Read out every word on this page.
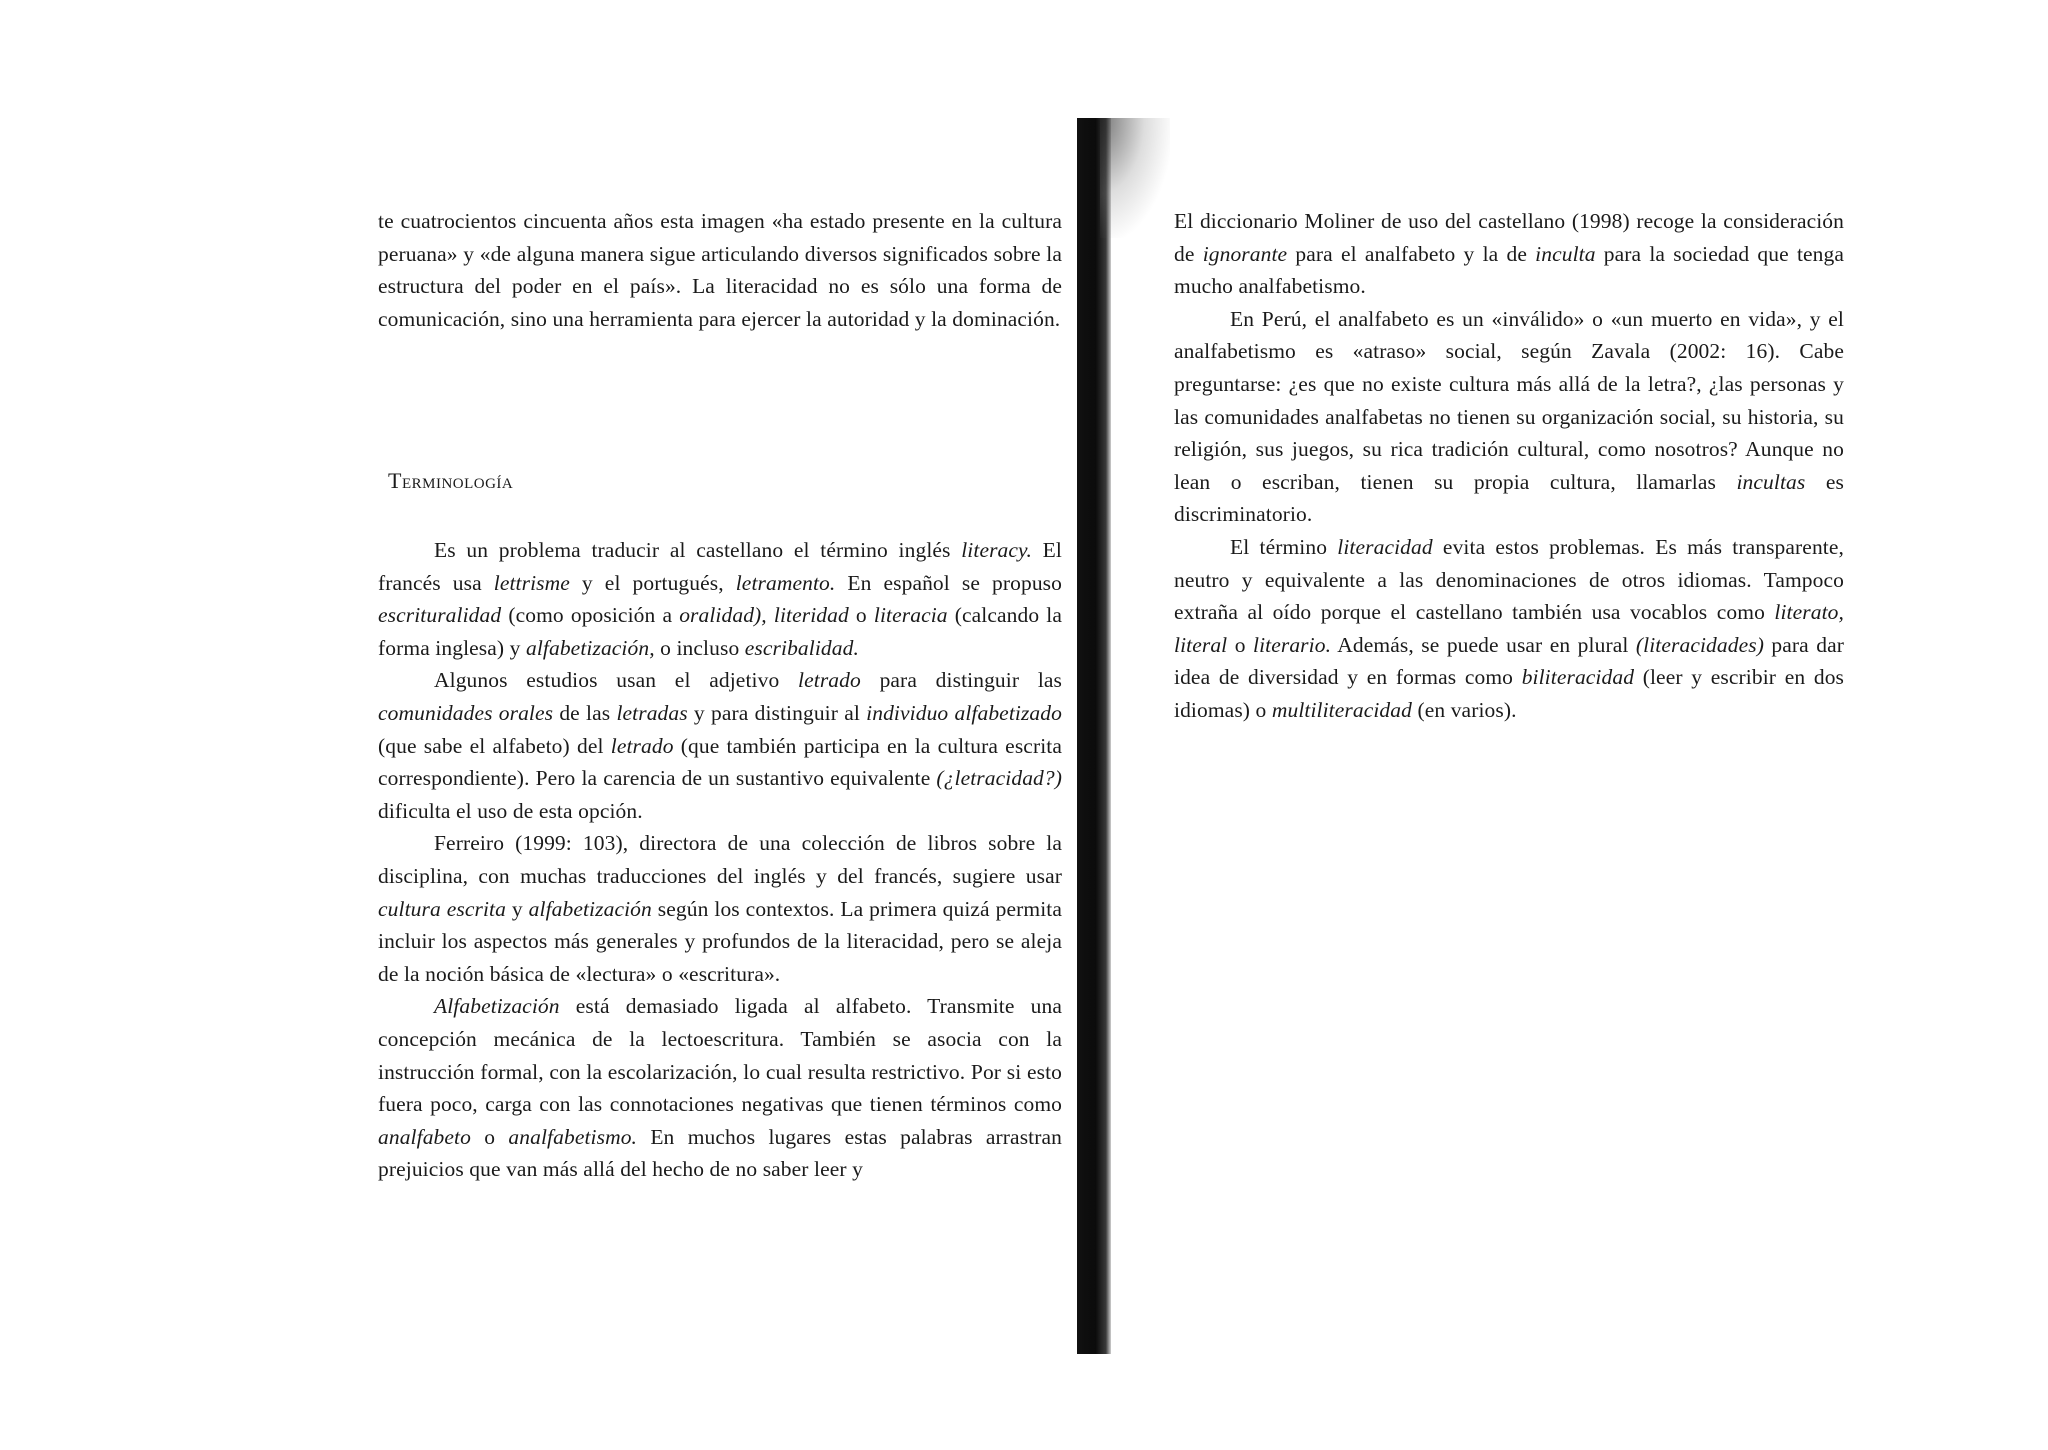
te cuatrocientos cincuenta años esta imagen «ha estado presente en la cultura peruana» y «de alguna manera sigue articulando diversos significados sobre la estructura del poder en el país». La literacidad no es sólo una forma de comunicación, sino una herramienta para ejercer la autoridad y la dominación.

Terminología

Es un problema traducir al castellano el término inglés literacy. El francés usa lettrisme y el portugués, letramento. En español se propuso escrituralidad (como oposición a oralidad), literidad o literacia (calcando la forma inglesa) y alfabetización, o incluso escribalidad.

Algunos estudios usan el adjetivo letrado para distinguir las comunidades orales de las letradas y para distinguir al individuo alfabetizado (que sabe el alfabeto) del letrado (que también participa en la cultura escrita correspondiente). Pero la carencia de un sustantivo equivalente (¿letracidad?) dificulta el uso de esta opción.

Ferreiro (1999: 103), directora de una colección de libros sobre la disciplina, con muchas traducciones del inglés y del francés, sugiere usar cultura escrita y alfabetización según los contextos. La primera quizá permita incluir los aspectos más generales y profundos de la literacidad, pero se aleja de la noción básica de «lectura» o «escritura».

Alfabetización está demasiado ligada al alfabeto. Transmite una concepción mecánica de la lectoescritura. También se asocia con la instrucción formal, con la escolarización, lo cual resulta restrictivo. Por si esto fuera poco, carga con las connotaciones negativas que tienen términos como analfabeto o analfabetismo. En muchos lugares estas palabras arrastran prejuicios que van más allá del hecho de no saber leer y

El diccionario Moliner de uso del castellano (1998) recoge la consideración de ignorante para el analfabeto y la de inculta para la sociedad que tenga mucho analfabetismo.

En Perú, el analfabeto es un «inválido» o «un muerto en vida», y el analfabetismo es «atraso» social, según Zavala (2002: 16). Cabe preguntarse: ¿es que no existe cultura más allá de la letra?, ¿las personas y las comunidades analfabetas no tienen su organización social, su historia, su religión, sus juegos, su rica tradición cultural, como nosotros? Aunque no lean o escriban, tienen su propia cultura, llamarlas incultas es discriminatorio.

El término literacidad evita estos problemas. Es más transparente, neutro y equivalente a las denominaciones de otros idiomas. Tampoco extraña al oído porque el castellano también usa vocablos como literato, literal o literario. Además, se puede usar en plural (literacidades) para dar idea de diversidad y en formas como biliteracidad (leer y escribir en dos idiomas) o multiliteracidad (en varios).
